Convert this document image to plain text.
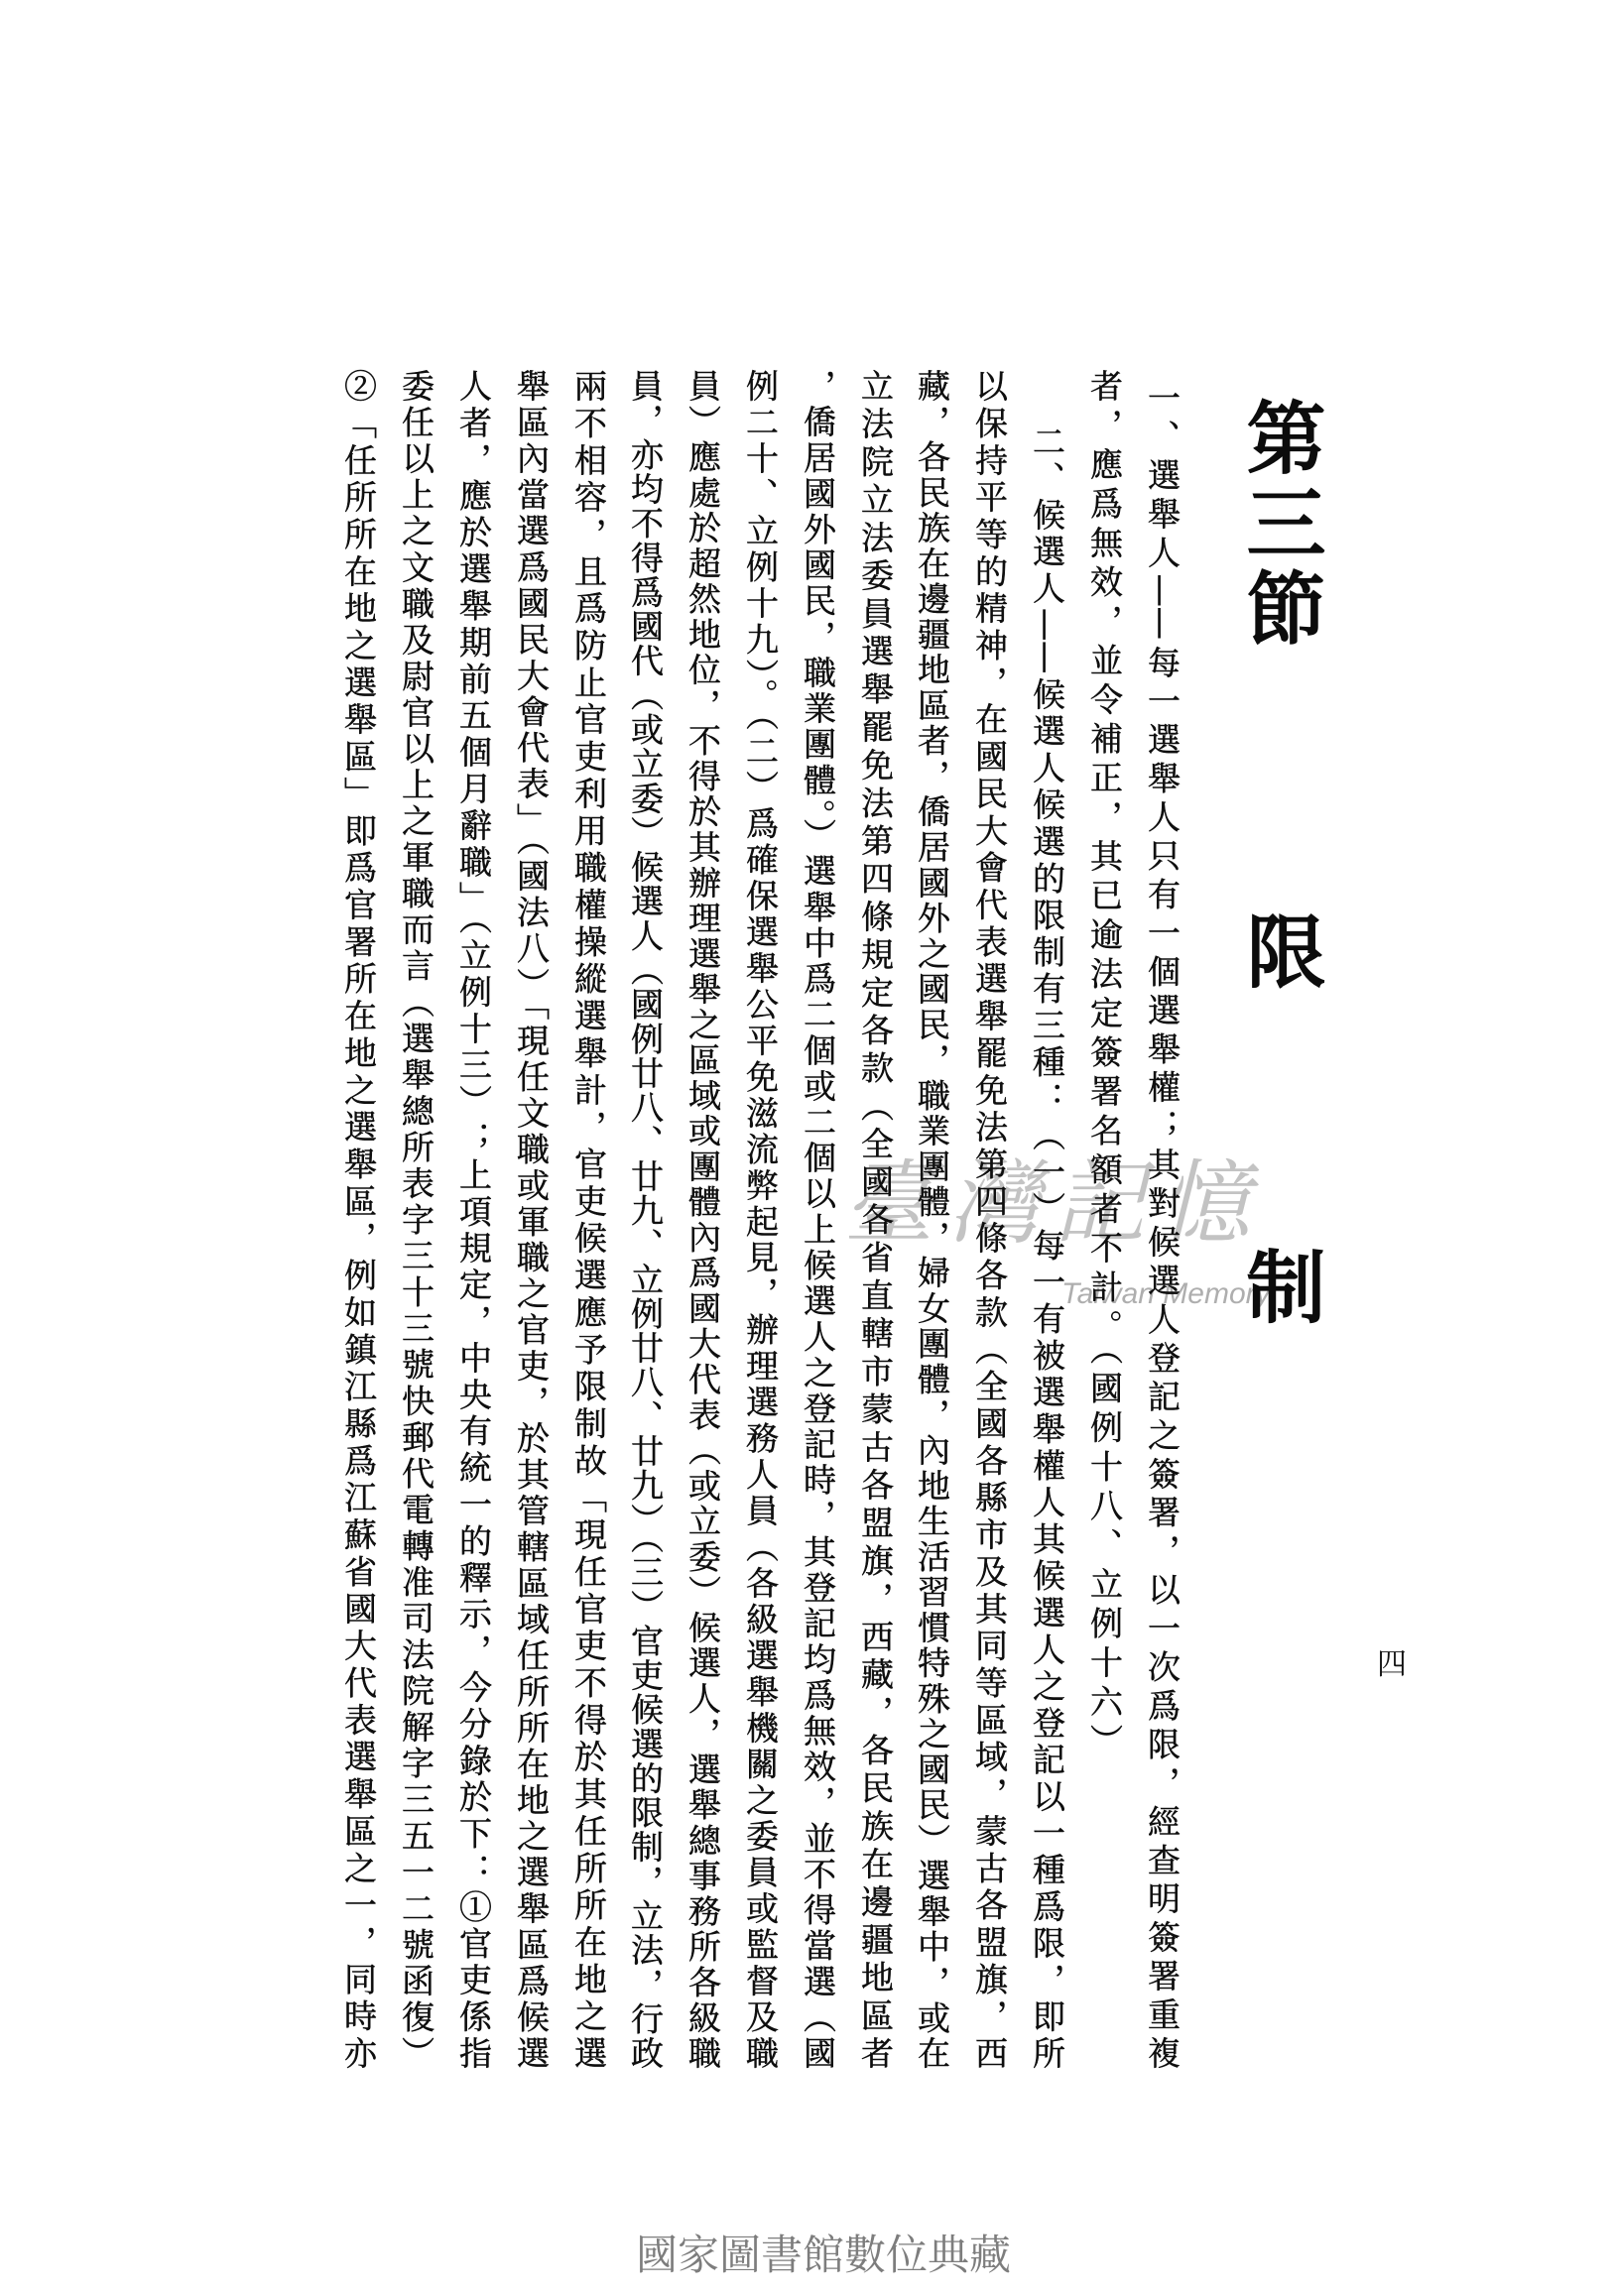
第三節
限制
四
一、選舉人——每一選舉人只有一個選舉權；其對候選人登記之簽署，以一次爲限，經查明簽署重複
者，應爲無效，並令補正，其已逾法定簽署名額者不計。（國例十八、立例十六）
二、候選人——候選人候選的限制有三種：（一）每一有被選舉權人其候選人之登記以一種爲限，即所
以保持平等的精神，在國民大會代表選舉罷免法第四條各款（全國各縣市及其同等區域，蒙古各盟旗，西
藏，各民族在邊疆地區者，僑居國外之國民，職業團體，婦女團體，內地生活習慣特殊之國民）選舉中，或在
立法院立法委員選舉罷免法第四條規定各款（全國各省直轄市蒙古各盟旗，西藏，各民族在邊疆地區者
，僑居國外國民，職業團體。）選舉中爲二個或二個以上候選人之登記時，其登記均爲無效，並不得當選（國
例二十、立例十九）。（二）爲確保選舉公平免滋流弊起見，辦理選務人員（各級選舉機關之委員或監督及職
員）應處於超然地位，不得於其辦理選舉之區域或團體內爲國大代表（或立委）候選人，選舉總事務所各級職
員，亦均不得爲國代（或立委）候選人（國例廿八、廿九、立例廿八、廿九）（三）官吏候選的限制，立法，行政
兩不相容，且爲防止官吏利用職權操縱選舉計，官吏候選應予限制故「現任官吏不得於其任所所在地之選
舉區內當選爲國民大會代表」（國法八）「現任文職或軍職之官吏，於其管轄區域任所所在地之選舉區爲候選
人者，應於選舉期前五個月辭職」（立例十三）；上項規定，中央有統一的釋示，今分錄於下：①官吏係指
委任以上之文職及尉官以上之軍職而言（選舉總所表字三十三號快郵代電轉准司法院解字三五一二號函復）
②「任所所在地之選舉區」即爲官署所在地之選舉區，例如鎮江縣爲江蘇省國大代表選舉區之一，同時亦	臺灣記憶
Taiwan Memory
國家圖書館數位典藏
